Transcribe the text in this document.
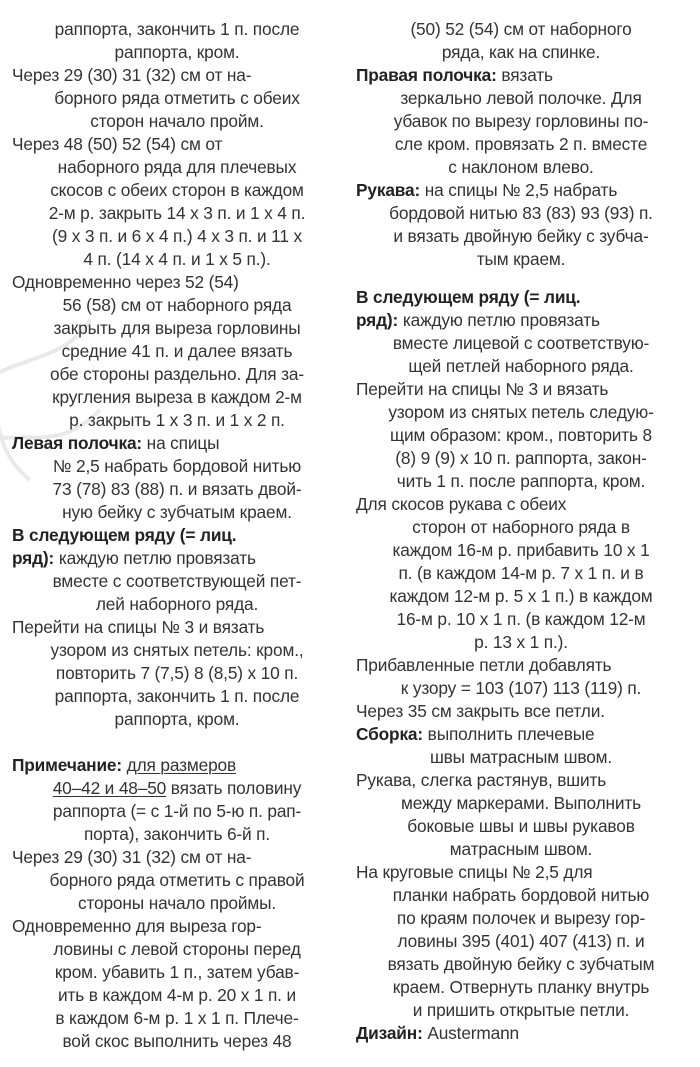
раппорта, закончить 1 п. после
раппорта, кром.
Через 29 (30) 31 (32) см от на-
борного ряда отметить с обеих
сторон начало пройм.
Через 48 (50) 52 (54) см от
наборного ряда для плечевых
скосов с обеих сторон в каждом
2-м р. закрыть 14 х 3 п. и 1 х 4 п.
(9 х 3 п. и 6 х 4 п.) 4 х 3 п. и 11 х
4 п. (14 х 4 п. и 1 х 5 п.).
Одновременно через 52 (54)
56 (58) см от наборного ряда
закрыть для выреза горловины
средние 41 п. и далее вязать
обе стороны раздельно. Для за-
кругления выреза в каждом 2-м
р. закрыть 1 х 3 п. и 1 х 2 п.
Левая полочка: на спицы
№ 2,5 набрать бордовой нитью
73 (78) 83 (88) п. и вязать двой-
ную бейку с зубчатым краем.
В следующем ряду (= лиц.
ряд): каждую петлю провязать
вместе с соответствующей пет-
лей наборного ряда.
Перейти на спицы № 3 и вязать
узором из снятых петель: кром.,
повторить 7 (7,5) 8 (8,5) х 10 п.
раппорта, закончить 1 п. после
раппорта, кром.
Примечание: для размеров
40–42 и 48–50 вязать половину
раппорта (= с 1-й по 5-ю п. рап-
порта), закончить 6-й п.
Через 29 (30) 31 (32) см от на-
борного ряда отметить с правой
стороны начало проймы.
Одновременно для выреза гор-
ловины с левой стороны перед
кром. убавить 1 п., затем убав-
ить в каждом 4-м р. 20 х 1 п. и
в каждом 6-м р. 1 х 1 п. Плече-
вой скос выполнить через 48
(50) 52 (54) см от наборного
ряда, как на спинке.
Правая полочка: вязать
зеркально левой полочке. Для
убавок по вырезу горловины по-
сле кром. провязать 2 п. вместе
с наклоном влево.
Рукава: на спицы № 2,5 набрать
бордовой нитью 83 (83) 93 (93) п.
и вязать двойную бейку с зубча-
тым краем.
В следующем ряду (= лиц.
ряд): каждую петлю провязать
вместе лицевой с соответствую-
щей петлей наборного ряда.
Перейти на спицы № 3 и вязать
узором из снятых петель следую-
щим образом: кром., повторить 8
(8) 9 (9) х 10 п. раппорта, закон-
чить 1 п. после раппорта, кром.
Для скосов рукава с обеих
сторон от наборного ряда в
каждом 16-м р. прибавить 10 х 1
п. (в каждом 14-м р. 7 х 1 п. и в
каждом 12-м р. 5 х 1 п.) в каждом
16-м р. 10 х 1 п. (в каждом 12-м
р. 13 х 1 п.).
Прибавленные петли добавлять
к узору = 103 (107) 113 (119) п.
Через 35 см закрыть все петли.
Сборка: выполнить плечевые
швы матрасным швом.
Рукава, слегка растянув, вшить
между маркерами. Выполнить
боковые швы и швы рукавов
матрасным швом.
На круговые спицы № 2,5 для
планки набрать бордовой нитью
по краям полочек и вырезу гор-
ловины 395 (401) 407 (413) п. и
вязать двойную бейку с зубчатым
краем. Отвернуть планку внутрь
и пришить открытые петли.
Дизайн: Austermann
